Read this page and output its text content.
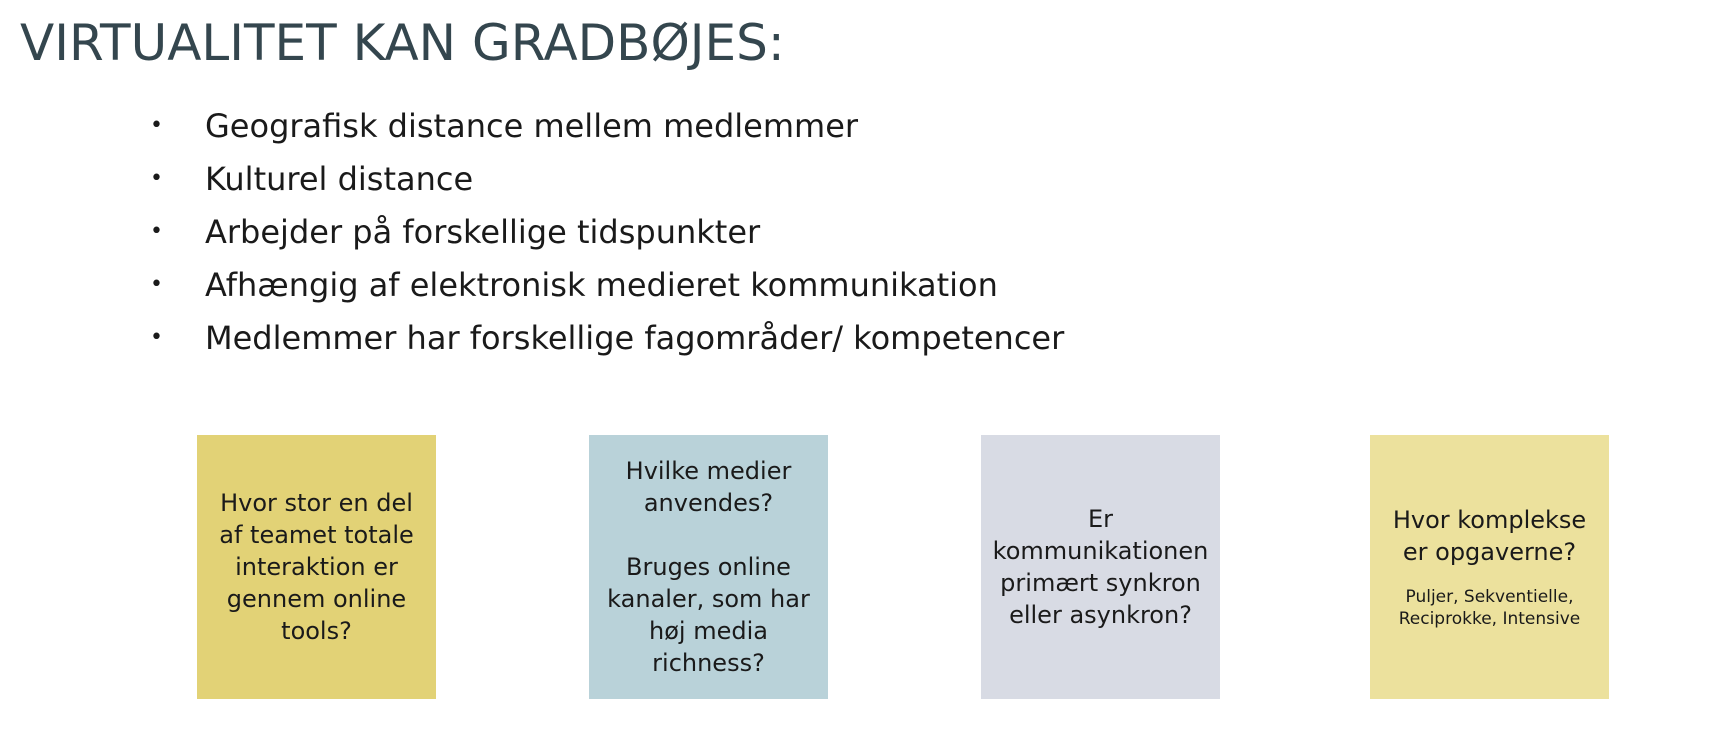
VIRTUALITET KAN GRADBØJES:
•	Geografisk distance mellem medlemmer
•	Kulturel distance
•	Arbejder på forskellige tidspunkter
•	Afhængig af elektronisk medieret kommunikation
•	Medlemmer har forskellige fagområder/ kompetencer
Hvor stor en del af teamet totale interaktion er gennem online tools?
Hvilke medier anvendes?
Bruges online kanaler, som har høj media richness?
Er kommunikationen primært synkron eller asynkron?
Hvor komplekse er opgaverne?
Puljer, Sekventielle, Reciprokke, Intensive
